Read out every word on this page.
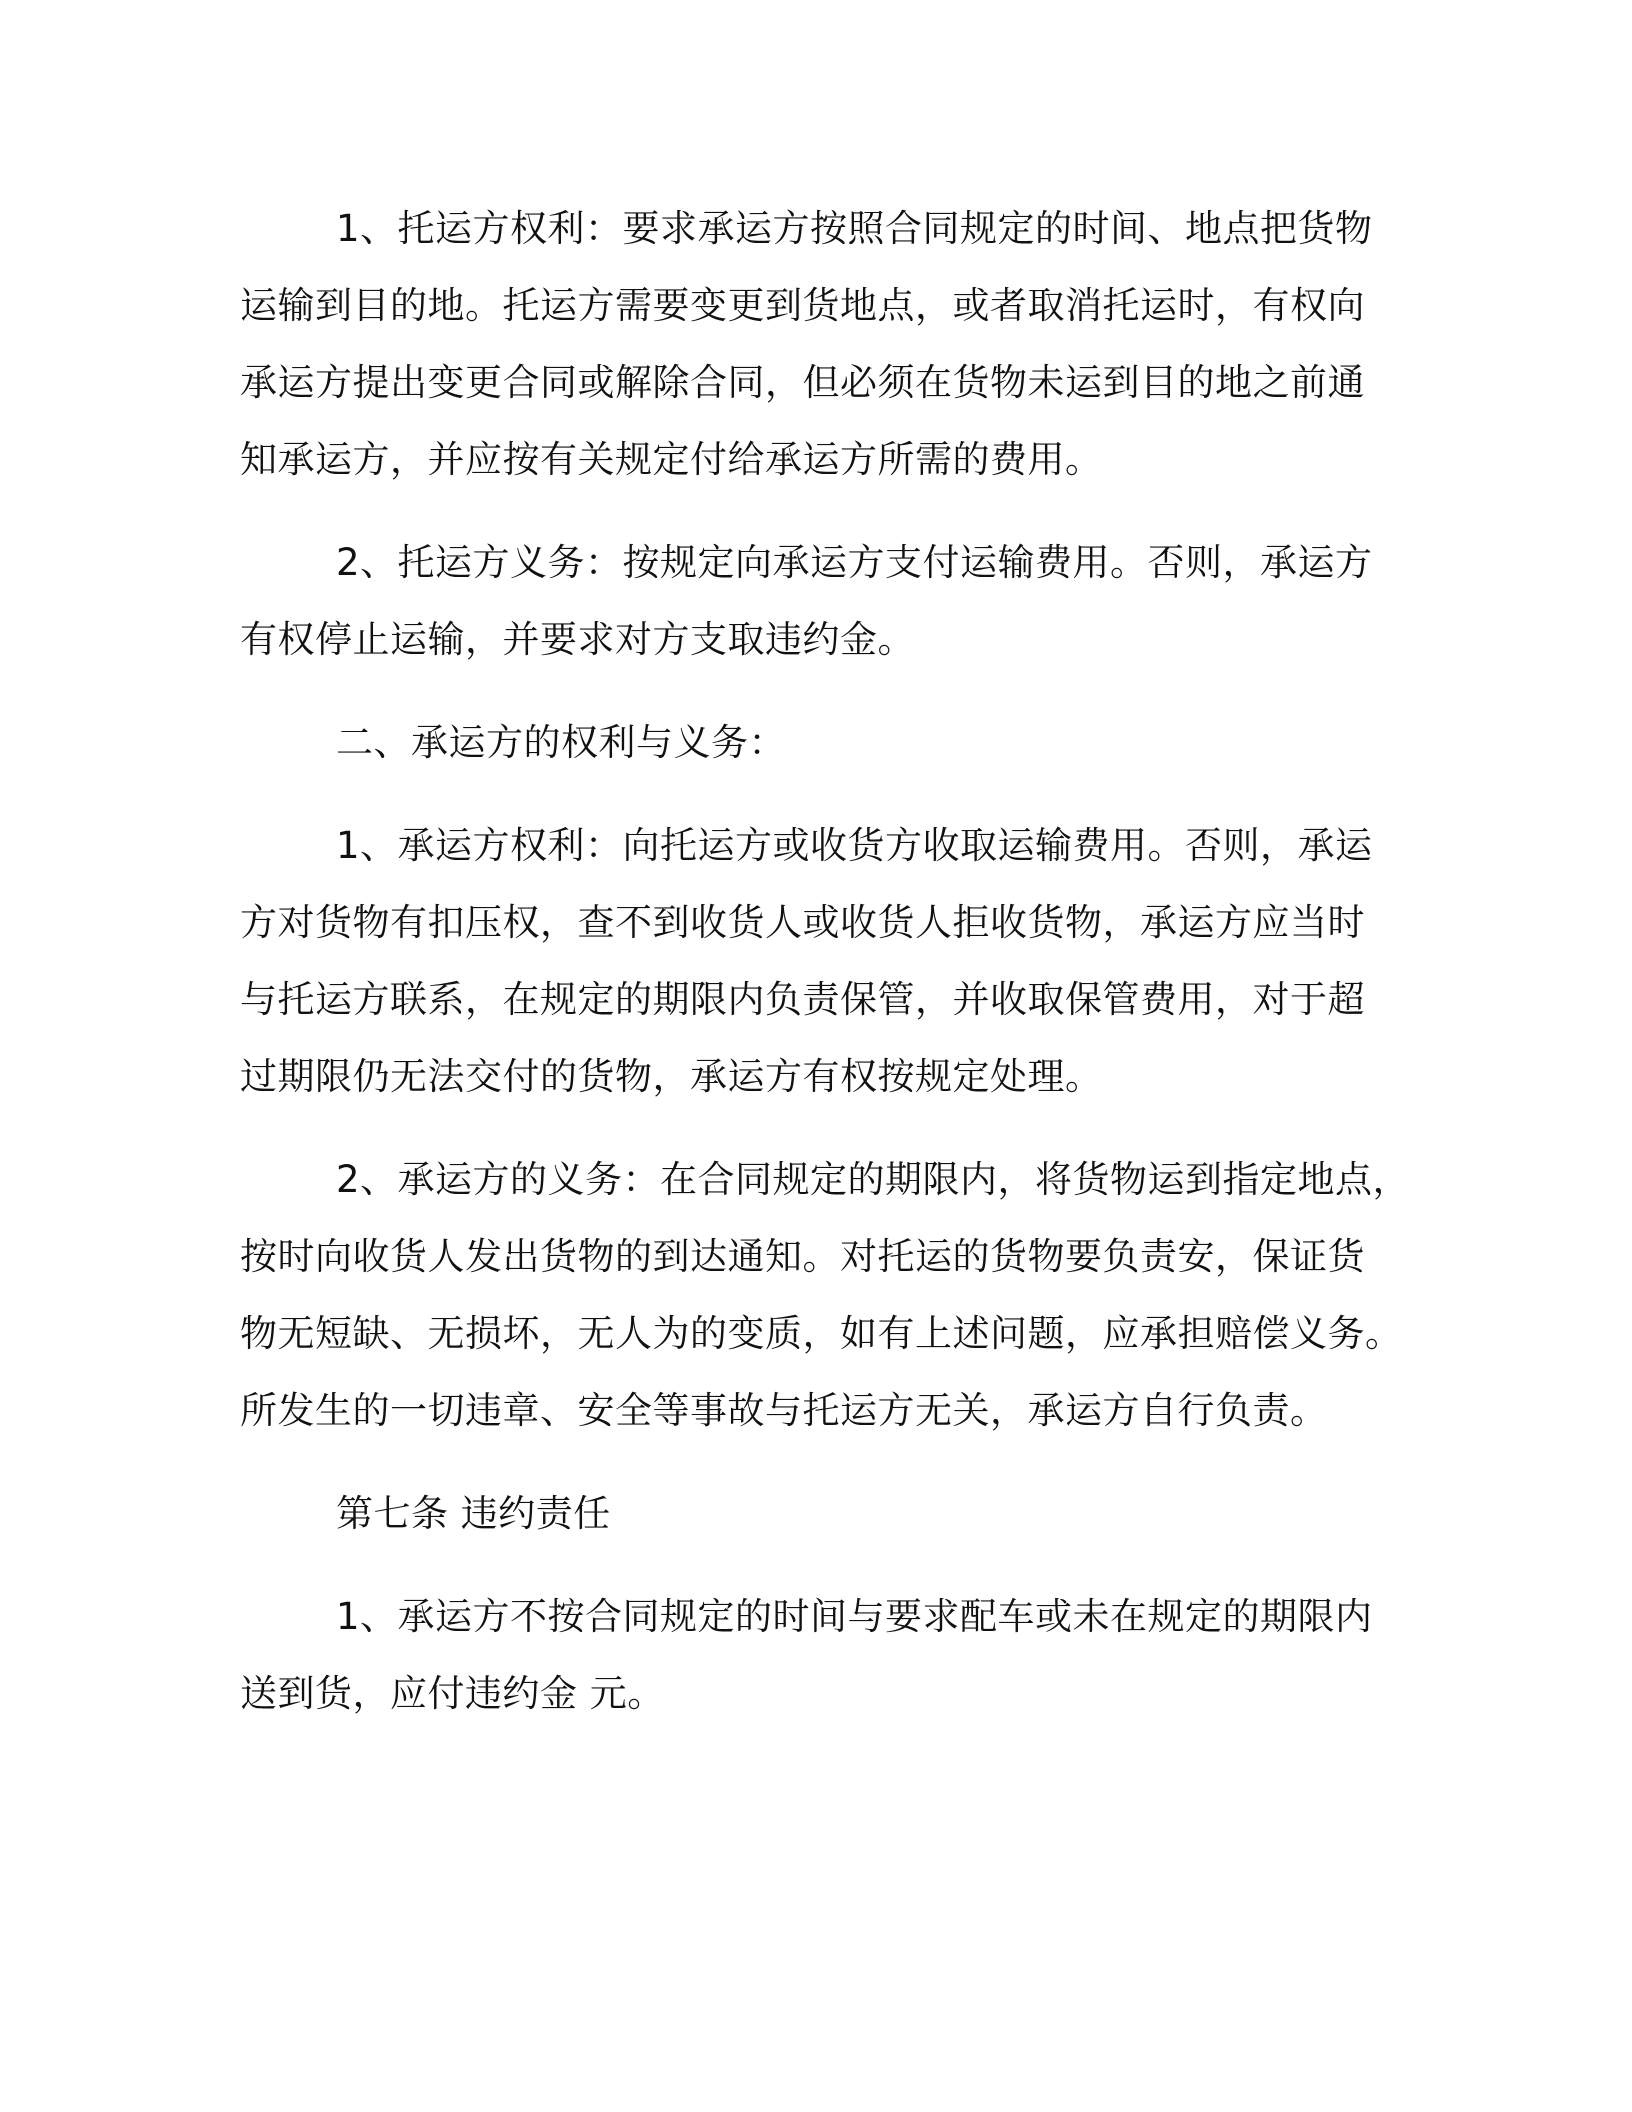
1、托运方权利：要求承运方按照合同规定的时间、地点把货物
运输到目的地。托运方需要变更到货地点，或者取消托运时，有权向
承运方提出变更合同或解除合同，但必须在货物未运到目的地之前通
知承运方，并应按有关规定付给承运方所需的费用。
2、托运方义务：按规定向承运方支付运输费用。否则，承运方
有权停止运输，并要求对方支取违约金。
二、承运方的权利与义务：
1、承运方权利：向托运方或收货方收取运输费用。否则，承运
方对货物有扣压权，查不到收货人或收货人拒收货物，承运方应当时
与托运方联系，在规定的期限内负责保管，并收取保管费用，对于超
过期限仍无法交付的货物，承运方有权按规定处理。
2、承运方的义务：在合同规定的期限内，将货物运到指定地点，
按时向收货人发出货物的到达通知。对托运的货物要负责安，保证货
物无短缺、无损坏，无人为的变质，如有上述问题，应承担赔偿义务。
所发生的一切违章、安全等事故与托运方无关，承运方自行负责。
第七条 违约责任
1、承运方不按合同规定的时间与要求配车或未在规定的期限内
送到货，应付违约金 元。
